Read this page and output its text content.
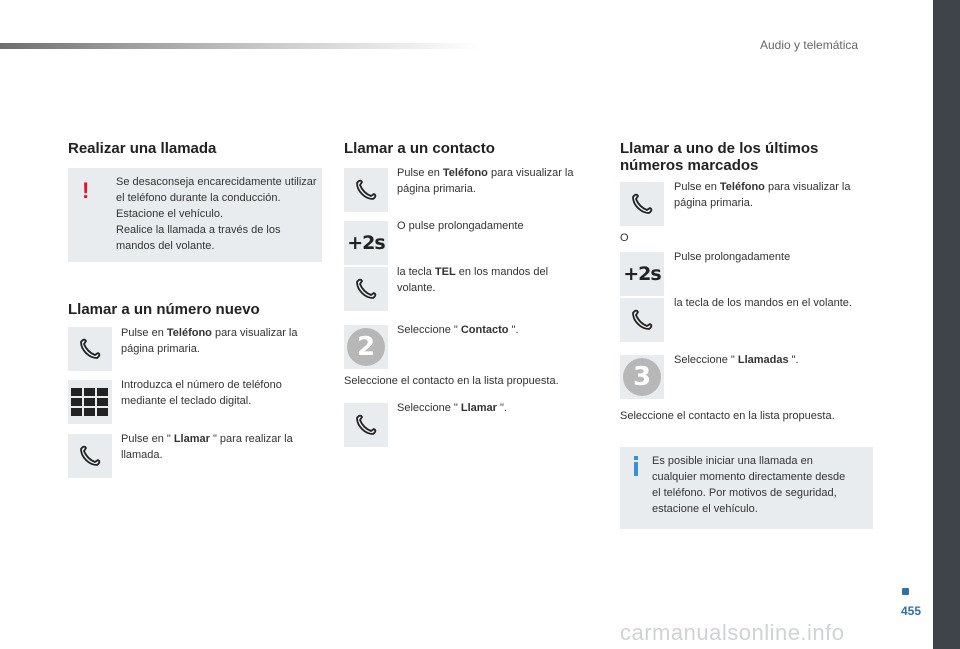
Audio y telemática
455
carmanualsonline.info
Realizar una llamada
! Se desaconseja encarecidamente utilizar
el teléfono durante la conducción.
Estacione el vehículo.
Realice la llamada a través de los
mandos del volante.
Llamar a un número nuevo
Pulse en Teléfono para visualizar la
página primaria.
Introduzca el número de teléfono
mediante el teclado digital.
Pulse en " Llamar " para realizar la
llamada.
Llamar a un contacto
Pulse en Teléfono para visualizar la
página primaria.
+2s
O pulse prolongadamente
la tecla TEL en los mandos del
volante.
2
Seleccione " Contacto ".
Seleccione el contacto en la lista propuesta.
Seleccione " Llamar ".
Llamar a uno de los últimos
números marcados
Pulse en Teléfono para visualizar la
página primaria.
O
+2s
Pulse prolongadamente
la tecla de los mandos en el volante.
3
Seleccione " Llamadas ".
Seleccione el contacto en la lista propuesta.
Es posible iniciar una llamada en
cualquier momento directamente desde
el teléfono. Por motivos de seguridad,
estacione el vehículo.
